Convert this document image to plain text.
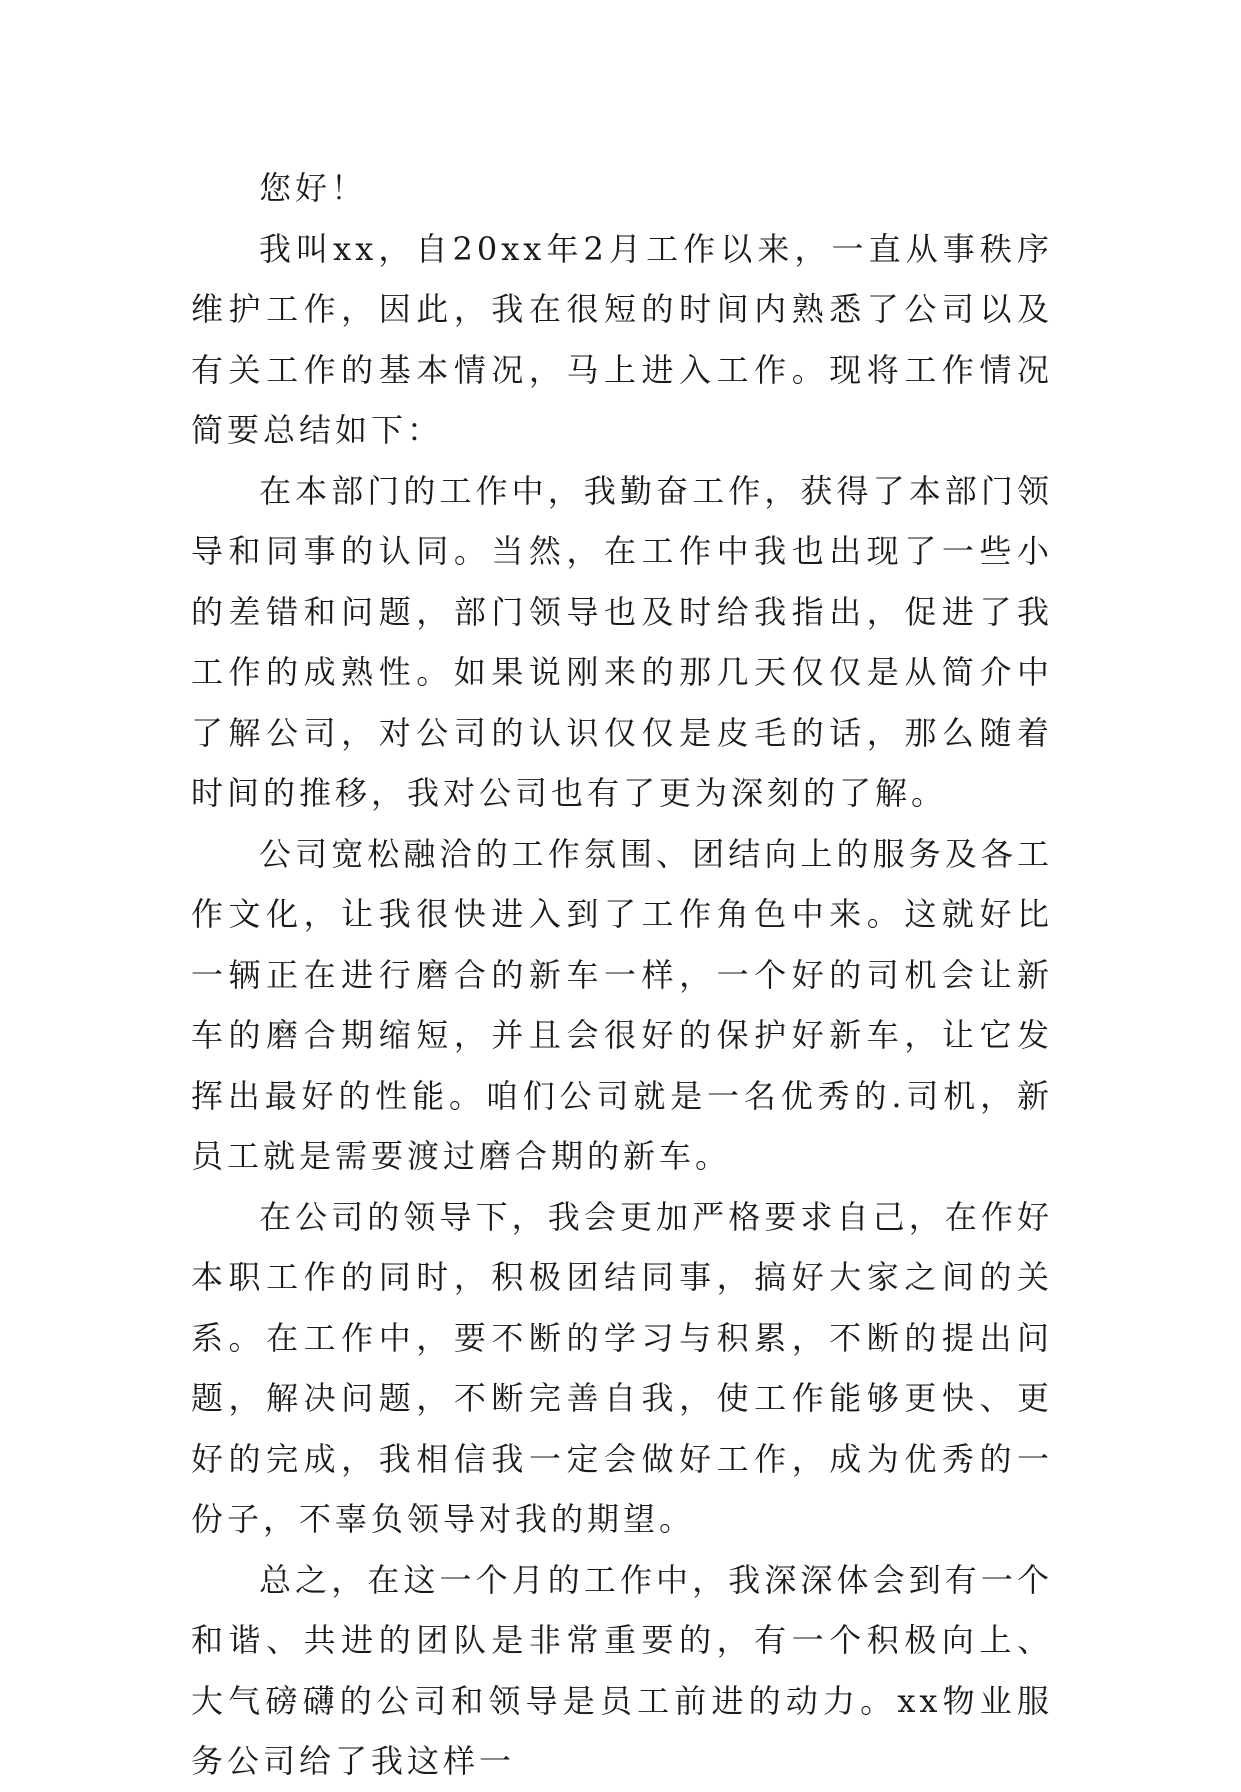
您好！

我叫xx，自20xx年2月工作以来，一直从事秩序维护工作，因此，我在很短的时间内熟悉了公司以及有关工作的基本情况，马上进入工作。现将工作情况简要总结如下：

在本部门的工作中，我勤奋工作，获得了本部门领导和同事的认同。当然，在工作中我也出现了一些小的差错和问题，部门领导也及时给我指出，促进了我工作的成熟性。如果说刚来的那几天仅仅是从简介中了解公司，对公司的认识仅仅是皮毛的话，那么随着时间的推移，我对公司也有了更为深刻的了解。

公司宽松融洽的工作氛围、团结向上的服务及各工作文化，让我很快进入到了工作角色中来。这就好比一辆正在进行磨合的新车一样，一个好的司机会让新车的磨合期缩短，并且会很好的保护好新车，让它发挥出最好的性能。咱们公司就是一名优秀的.司机，新员工就是需要渡过磨合期的新车。

在公司的领导下，我会更加严格要求自己，在作好本职工作的同时，积极团结同事，搞好大家之间的关系。在工作中，要不断的学习与积累，不断的提出问题，解决问题，不断完善自我，使工作能够更快、更好的完成，我相信我一定会做好工作，成为优秀的一份子，不辜负领导对我的期望。

总之，在这一个月的工作中，我深深体会到有一个和谐、共进的团队是非常重要的，有一个积极向上、大气磅礴的公司和领导是员工前进的动力。xx物业服务公司给了我这样一
